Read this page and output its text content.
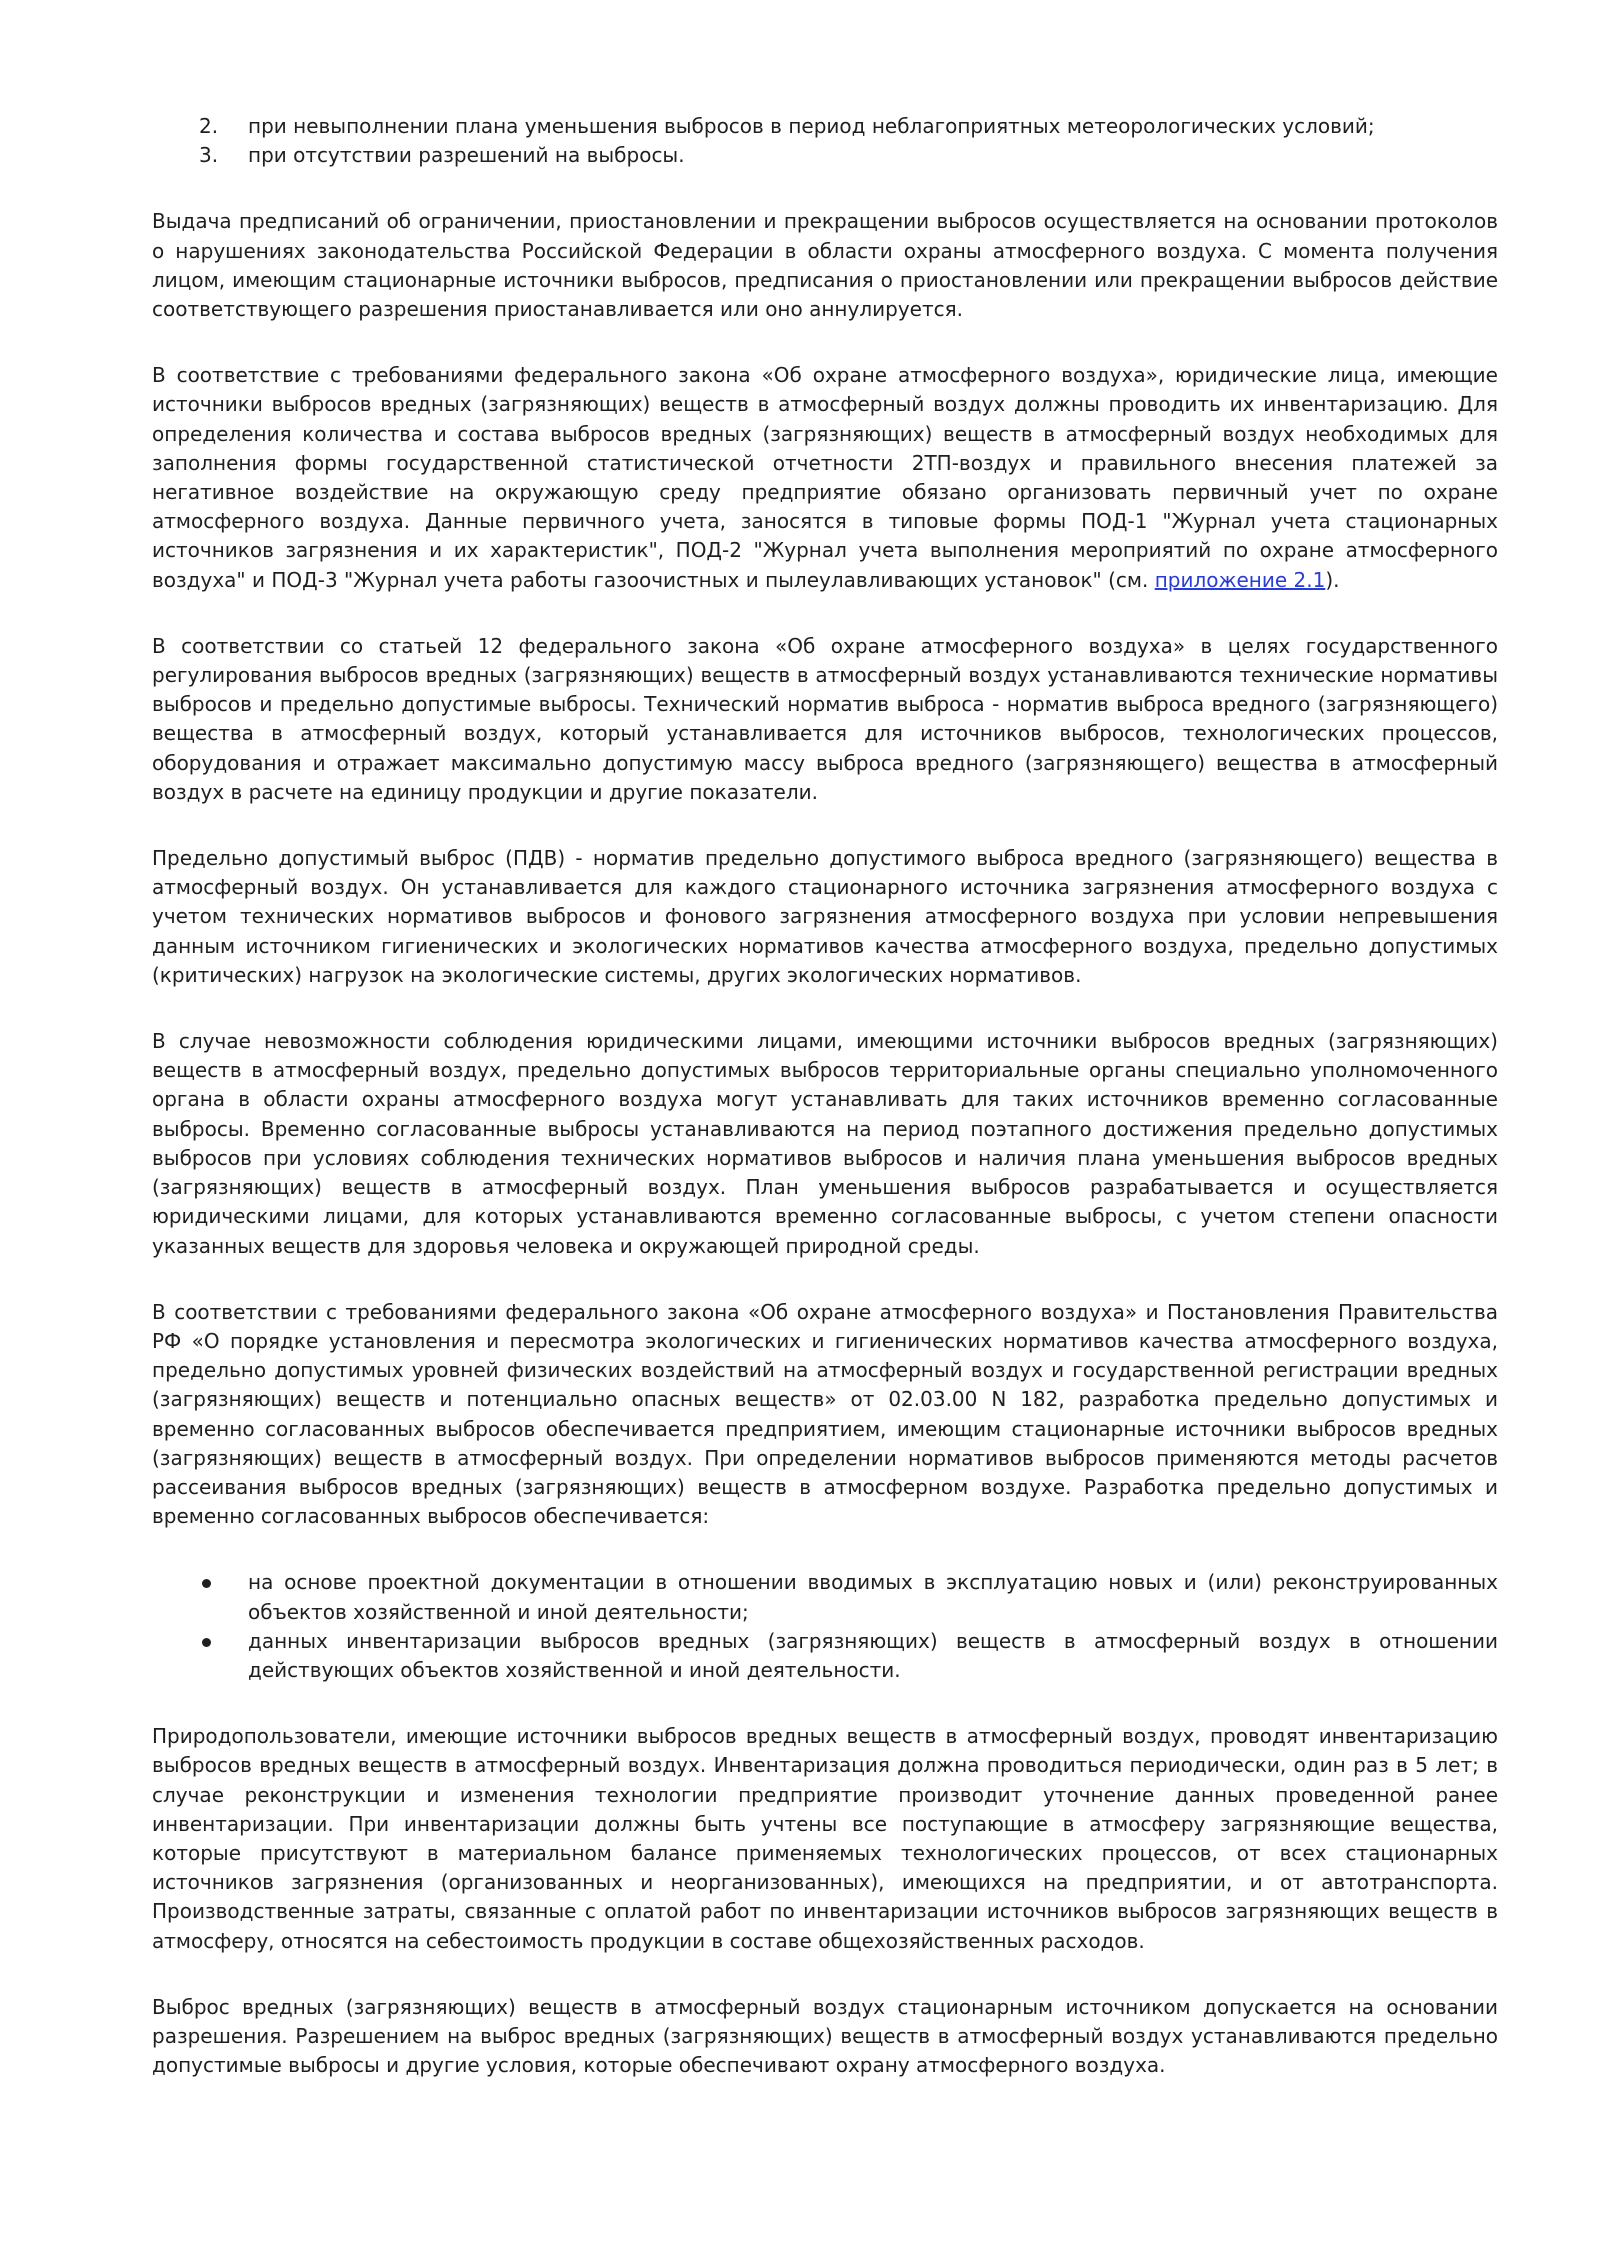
2. при невыполнении плана уменьшения выбросов в период неблагоприятных метеорологических условий;
3. при отсутствии разрешений на выбросы.

Выдача предписаний об ограничении, приостановлении и прекращении выбросов осуществляется на основании протоколов о нарушениях законодательства Российской Федерации в области охраны атмосферного воздуха. С момента получения лицом, имеющим стационарные источники выбросов, предписания о приостановлении или прекращении выбросов действие соответствующего разрешения приостанавливается или оно аннулируется.

В соответствие с требованиями федерального закона «Об охране атмосферного воздуха», юридические лица, имеющие источники выбросов вредных (загрязняющих) веществ в атмосферный воздух должны проводить их инвентаризацию. Для определения количества и состава выбросов вредных (загрязняющих) веществ в атмосферный воздух необходимых для заполнения формы государственной статистической отчетности 2ТП-воздух и правильного внесения платежей за негативное воздействие на окружающую среду предприятие обязано организовать первичный учет по охране атмосферного воздуха. Данные первичного учета, заносятся в типовые формы ПОД-1 "Журнал учета стационарных источников загрязнения и их характеристик", ПОД-2 "Журнал учета выполнения мероприятий по охране атмосферного воздуха" и ПОД-3 "Журнал учета работы газоочистных и пылеулавливающих установок" (см. приложение 2.1).

В соответствии со статьей 12 федерального закона «Об охране атмосферного воздуха» в целях государственного регулирования выбросов вредных (загрязняющих) веществ в атмосферный воздух устанавливаются технические нормативы выбросов и предельно допустимые выбросы. Технический норматив выброса - норматив выброса вредного (загрязняющего) вещества в атмосферный воздух, который устанавливается для источников выбросов, технологических процессов, оборудования и отражает максимально допустимую массу выброса вредного (загрязняющего) вещества в атмосферный воздух в расчете на единицу продукции и другие показатели.

Предельно допустимый выброс (ПДВ) - норматив предельно допустимого выброса вредного (загрязняющего) вещества в атмосферный воздух. Он устанавливается для каждого стационарного источника загрязнения атмосферного воздуха с учетом технических нормативов выбросов и фонового загрязнения атмосферного воздуха при условии непревышения данным источником гигиенических и экологических нормативов качества атмосферного воздуха, предельно допустимых (критических) нагрузок на экологические системы, других экологических нормативов.

В случае невозможности соблюдения юридическими лицами, имеющими источники выбросов вредных (загрязняющих) веществ в атмосферный воздух, предельно допустимых выбросов территориальные органы специально уполномоченного органа в области охраны атмосферного воздуха могут устанавливать для таких источников временно согласованные выбросы. Временно согласованные выбросы устанавливаются на период поэтапного достижения предельно допустимых выбросов при условиях соблюдения технических нормативов выбросов и наличия плана уменьшения выбросов вредных (загрязняющих) веществ в атмосферный воздух. План уменьшения выбросов разрабатывается и осуществляется юридическими лицами, для которых устанавливаются временно согласованные выбросы, с учетом степени опасности указанных веществ для здоровья человека и окружающей природной среды.

В соответствии с требованиями федерального закона «Об охране атмосферного воздуха» и Постановления Правительства РФ «О порядке установления и пересмотра экологических и гигиенических нормативов качества атмосферного воздуха, предельно допустимых уровней физических воздействий на атмосферный воздух и государственной регистрации вредных (загрязняющих) веществ и потенциально опасных веществ» от 02.03.00 N 182, разработка предельно допустимых и временно согласованных выбросов обеспечивается предприятием, имеющим стационарные источники выбросов вредных (загрязняющих) веществ в атмосферный воздух. При определении нормативов выбросов применяются методы расчетов рассеивания выбросов вредных (загрязняющих) веществ в атмосферном воздухе. Разработка предельно допустимых и временно согласованных выбросов обеспечивается:

на основе проектной документации в отношении вводимых в эксплуатацию новых и (или) реконструированных объектов хозяйственной и иной деятельности;
данных инвентаризации выбросов вредных (загрязняющих) веществ в атмосферный воздух в отношении действующих объектов хозяйственной и иной деятельности.

Природопользователи, имеющие источники выбросов вредных веществ в атмосферный воздух, проводят инвентаризацию выбросов вредных веществ в атмосферный воздух. Инвентаризация должна проводиться периодически, один раз в 5 лет; в случае реконструкции и изменения технологии предприятие производит уточнение данных проведенной ранее инвентаризации. При инвентаризации должны быть учтены все поступающие в атмосферу загрязняющие вещества, которые присутствуют в материальном балансе применяемых технологических процессов, от всех стационарных источников загрязнения (организованных и неорганизованных), имеющихся на предприятии, и от автотранспорта. Производственные затраты, связанные с оплатой работ по инвентаризации источников выбросов загрязняющих веществ в атмосферу, относятся на себестоимость продукции в составе общехозяйственных расходов.

Выброс вредных (загрязняющих) веществ в атмосферный воздух стационарным источником допускается на основании разрешения. Разрешением на выброс вредных (загрязняющих) веществ в атмосферный воздух устанавливаются предельно допустимые выбросы и другие условия, которые обеспечивают охрану атмосферного воздуха.
